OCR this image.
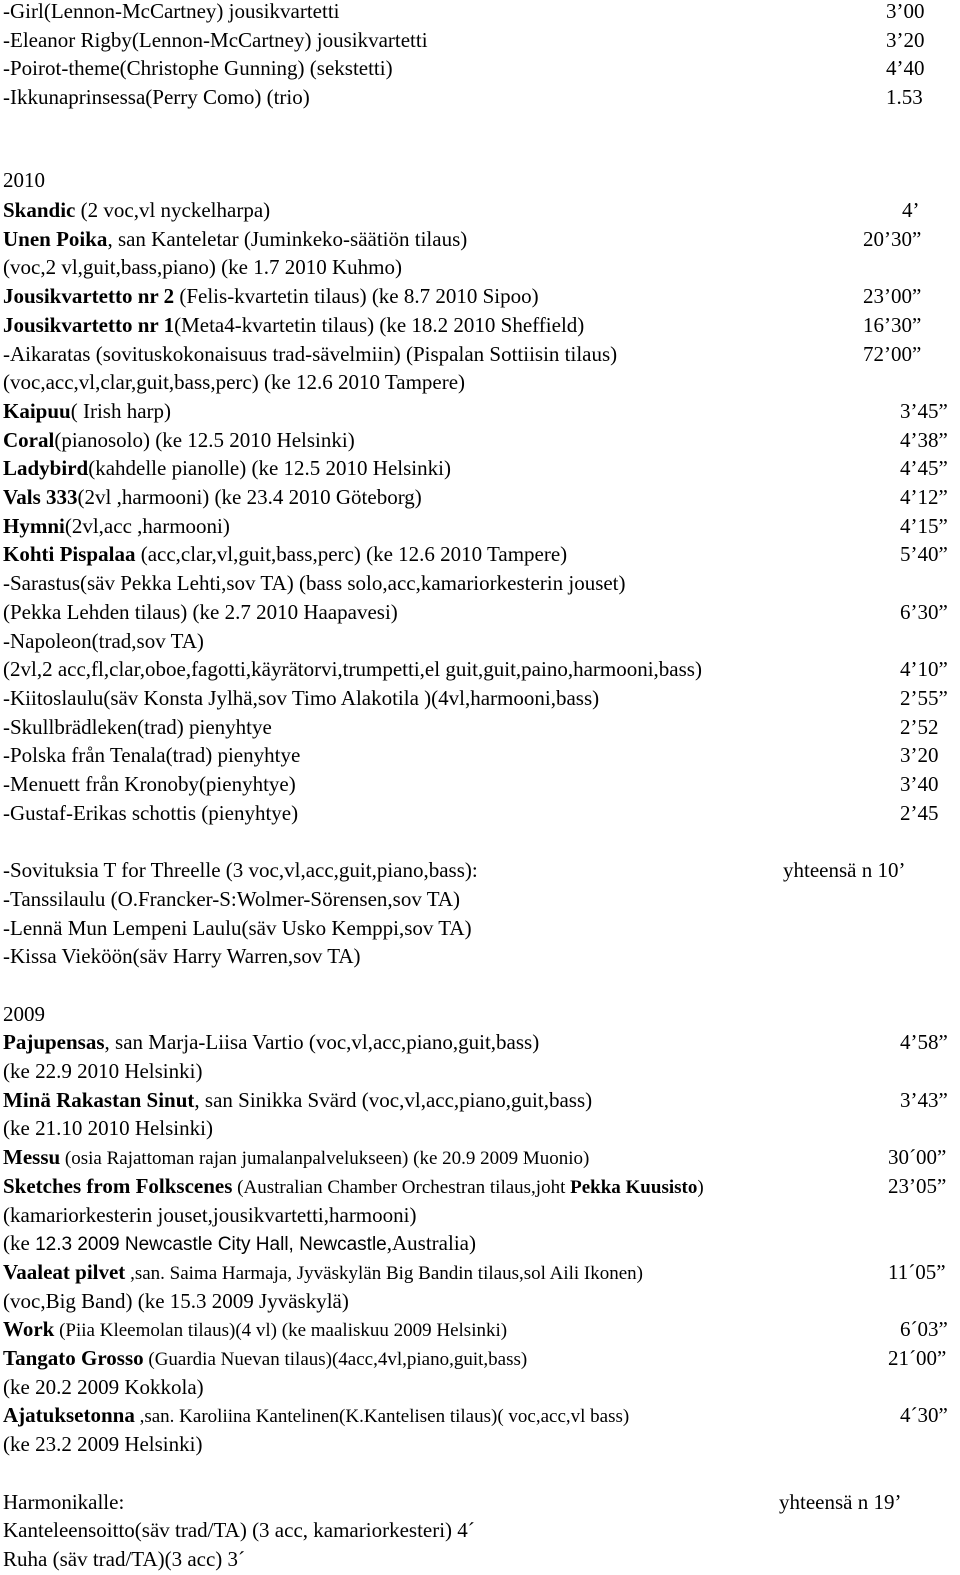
-Girl(Lennon-McCartney) jousikvartetti	3’00
-Eleanor Rigby(Lennon-McCartney) jousikvartetti	3’20
-Poirot-theme(Christophe Gunning) (sekstetti)	4’40
-Ikkunaprinsessa(Perry Como) (trio)	1.53
2010
Skandic (2 voc,vl nyckelharpa)	4’
Unen Poika, san Kanteletar (Juminkeko-säätiön tilaus)	20’30”
(voc,2 vl,guit,bass,piano) (ke 1.7 2010 Kuhmo)
Jousikvartetto nr 2 (Felis-kvartetin tilaus) (ke 8.7 2010 Sipoo)	23’00”
Jousikvartetto nr 1(Meta4-kvartetin tilaus) (ke 18.2 2010 Sheffield)	16’30”
-Aikaratas (sovituskokonaisuus trad-sävelmiin) (Pispalan Sottiisin tilaus)	72’00”
(voc,acc,vl,clar,guit,bass,perc) (ke 12.6 2010 Tampere)
Kaipuu( Irish harp)	3’45”
Coral(pianosolo) (ke 12.5 2010 Helsinki)	4’38”
Ladybird(kahdelle pianolle) (ke 12.5 2010 Helsinki)	4’45”
Vals 333(2vl ,harmooni) (ke 23.4 2010 Göteborg)	4’12”
Hymni(2vl,acc ,harmooni)	4’15”
Kohti Pispalaa (acc,clar,vl,guit,bass,perc) (ke 12.6 2010 Tampere)	5’40”
-Sarastus(säv Pekka Lehti,sov TA) (bass solo,acc,kamariorkesterin jouset)
(Pekka Lehden tilaus) (ke 2.7 2010 Haapavesi)	6’30”
-Napoleon(trad,sov TA)
(2vl,2 acc,fl,clar,oboe,fagotti,käyrätorvi,trumpetti,el guit,guit,paino,harmooni,bass)	4’10”
-Kiitoslaulu(säv Konsta Jylhä,sov Timo Alakotila )(4vl,harmooni,bass)	2’55”
-Skullbrädleken(trad) pienyhtye	2’52
-Polska från Tenala(trad) pienyhtye	3’20
-Menuett från Kronoby(pienyhtye)	3’40
-Gustaf-Erikas schottis (pienyhtye)	2’45
-Sovituksia T for Threelle (3 voc,vl,acc,guit,piano,bass):	yhteensä n 10’
-Tanssilaulu (O.Francker-S:Wolmer-Sörensen,sov TA)
-Lennä Mun Lempeni Laulu(säv Usko Kemppi,sov TA)
-Kissa Vieköön(säv Harry Warren,sov TA)
2009
Pajupensas, san Marja-Liisa Vartio (voc,vl,acc,piano,guit,bass)	4’58”
(ke 22.9 2010 Helsinki)
Minä Rakastan Sinut, san Sinikka Svärd (voc,vl,acc,piano,guit,bass)	3’43”
(ke 21.10 2010 Helsinki)
Messu (osia Rajattoman rajan jumalanpalvelukseen) (ke 20.9 2009 Muonio)	30´00”
Sketches from Folkscenes (Australian Chamber Orchestran tilaus,joht Pekka Kuusisto)	23’05”
(kamariorkesterin jouset,jousikvartetti,harmooni)
(ke 12.3 2009 Newcastle City Hall, Newcastle,Australia)
Vaaleat pilvet ,san. Saima Harmaja, Jyväskylän Big Bandin tilaus,sol Aili Ikonen)	11´05”
(voc,Big Band) (ke 15.3 2009 Jyväskylä)
Work (Piia Kleemolan tilaus)(4 vl) (ke maaliskuu 2009 Helsinki)	6´03”
Tangato Grosso (Guardia Nuevan tilaus)(4acc,4vl,piano,guit,bass)	21´00”
(ke 20.2 2009 Kokkola)
Ajatuksetonna ,san. Karoliina Kantelinen(K.Kantelisen tilaus)( voc,acc,vl bass)	4´30”
(ke 23.2 2009 Helsinki)
Harmonikalle:	yhteensä n 19’
Kanteleensoitto(säv trad/TA) (3 acc, kamariorkesteri) 4´
Ruha (säv trad/TA)(3 acc) 3´
